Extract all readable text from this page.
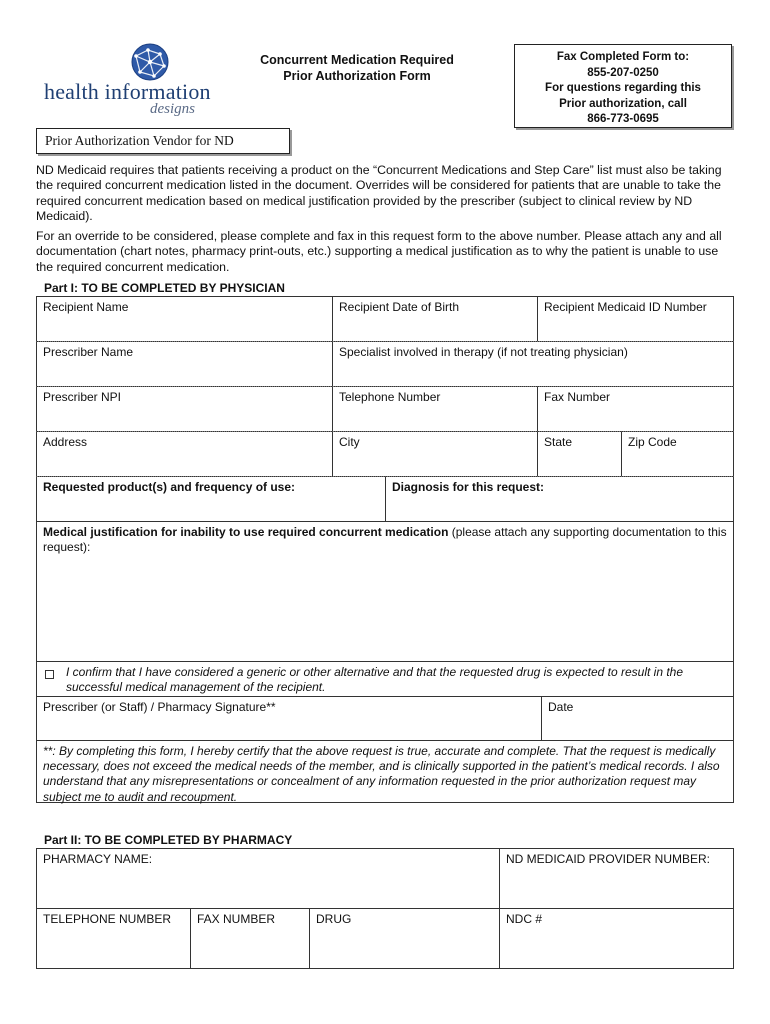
health information
designs
Concurrent Medication Required
Prior Authorization Form
Fax Completed Form to:
855-207-0250
For questions regarding this
Prior authorization, call
866-773-0695
Prior Authorization Vendor for ND
ND Medicaid requires that patients receiving a product on the “Concurrent Medications and Step Care” list must also be taking the required concurrent medication listed in the document. Overrides will be considered for patients that are unable to take the required concurrent medication based on medical justification provided by the prescriber (subject to clinical review by ND Medicaid).
For an override to be considered, please complete and fax in this request form to the above number. Please attach any and all documentation (chart notes, pharmacy print-outs, etc.) supporting a medical justification as to why the patient is unable to use the required concurrent medication.
Part I: TO BE COMPLETED BY PHYSICIAN
Recipient Name	Recipient Date of Birth	Recipient Medicaid ID Number
Prescriber Name	Specialist involved in therapy (if not treating physician)
Prescriber NPI	Telephone Number	Fax Number
Address	City	State	Zip Code
Requested product(s) and frequency of use:	Diagnosis for this request:
Medical justification for inability to use required concurrent medication (please attach any supporting documentation to this request):
I confirm that I have considered a generic or other alternative and that the requested drug is expected to result in the successful medical management of the recipient.
Prescriber (or Staff) / Pharmacy Signature**	Date
**: By completing this form, I hereby certify that the above request is true, accurate and complete. That the request is medically necessary, does not exceed the medical needs of the member, and is clinically supported in the patient’s medical records. I also understand that any misrepresentations or concealment of any information requested in the prior authorization request may subject me to audit and recoupment.
Part II: TO BE COMPLETED BY PHARMACY
PHARMACY NAME:	ND MEDICAID PROVIDER NUMBER:
TELEPHONE NUMBER	FAX NUMBER	DRUG	NDC #
